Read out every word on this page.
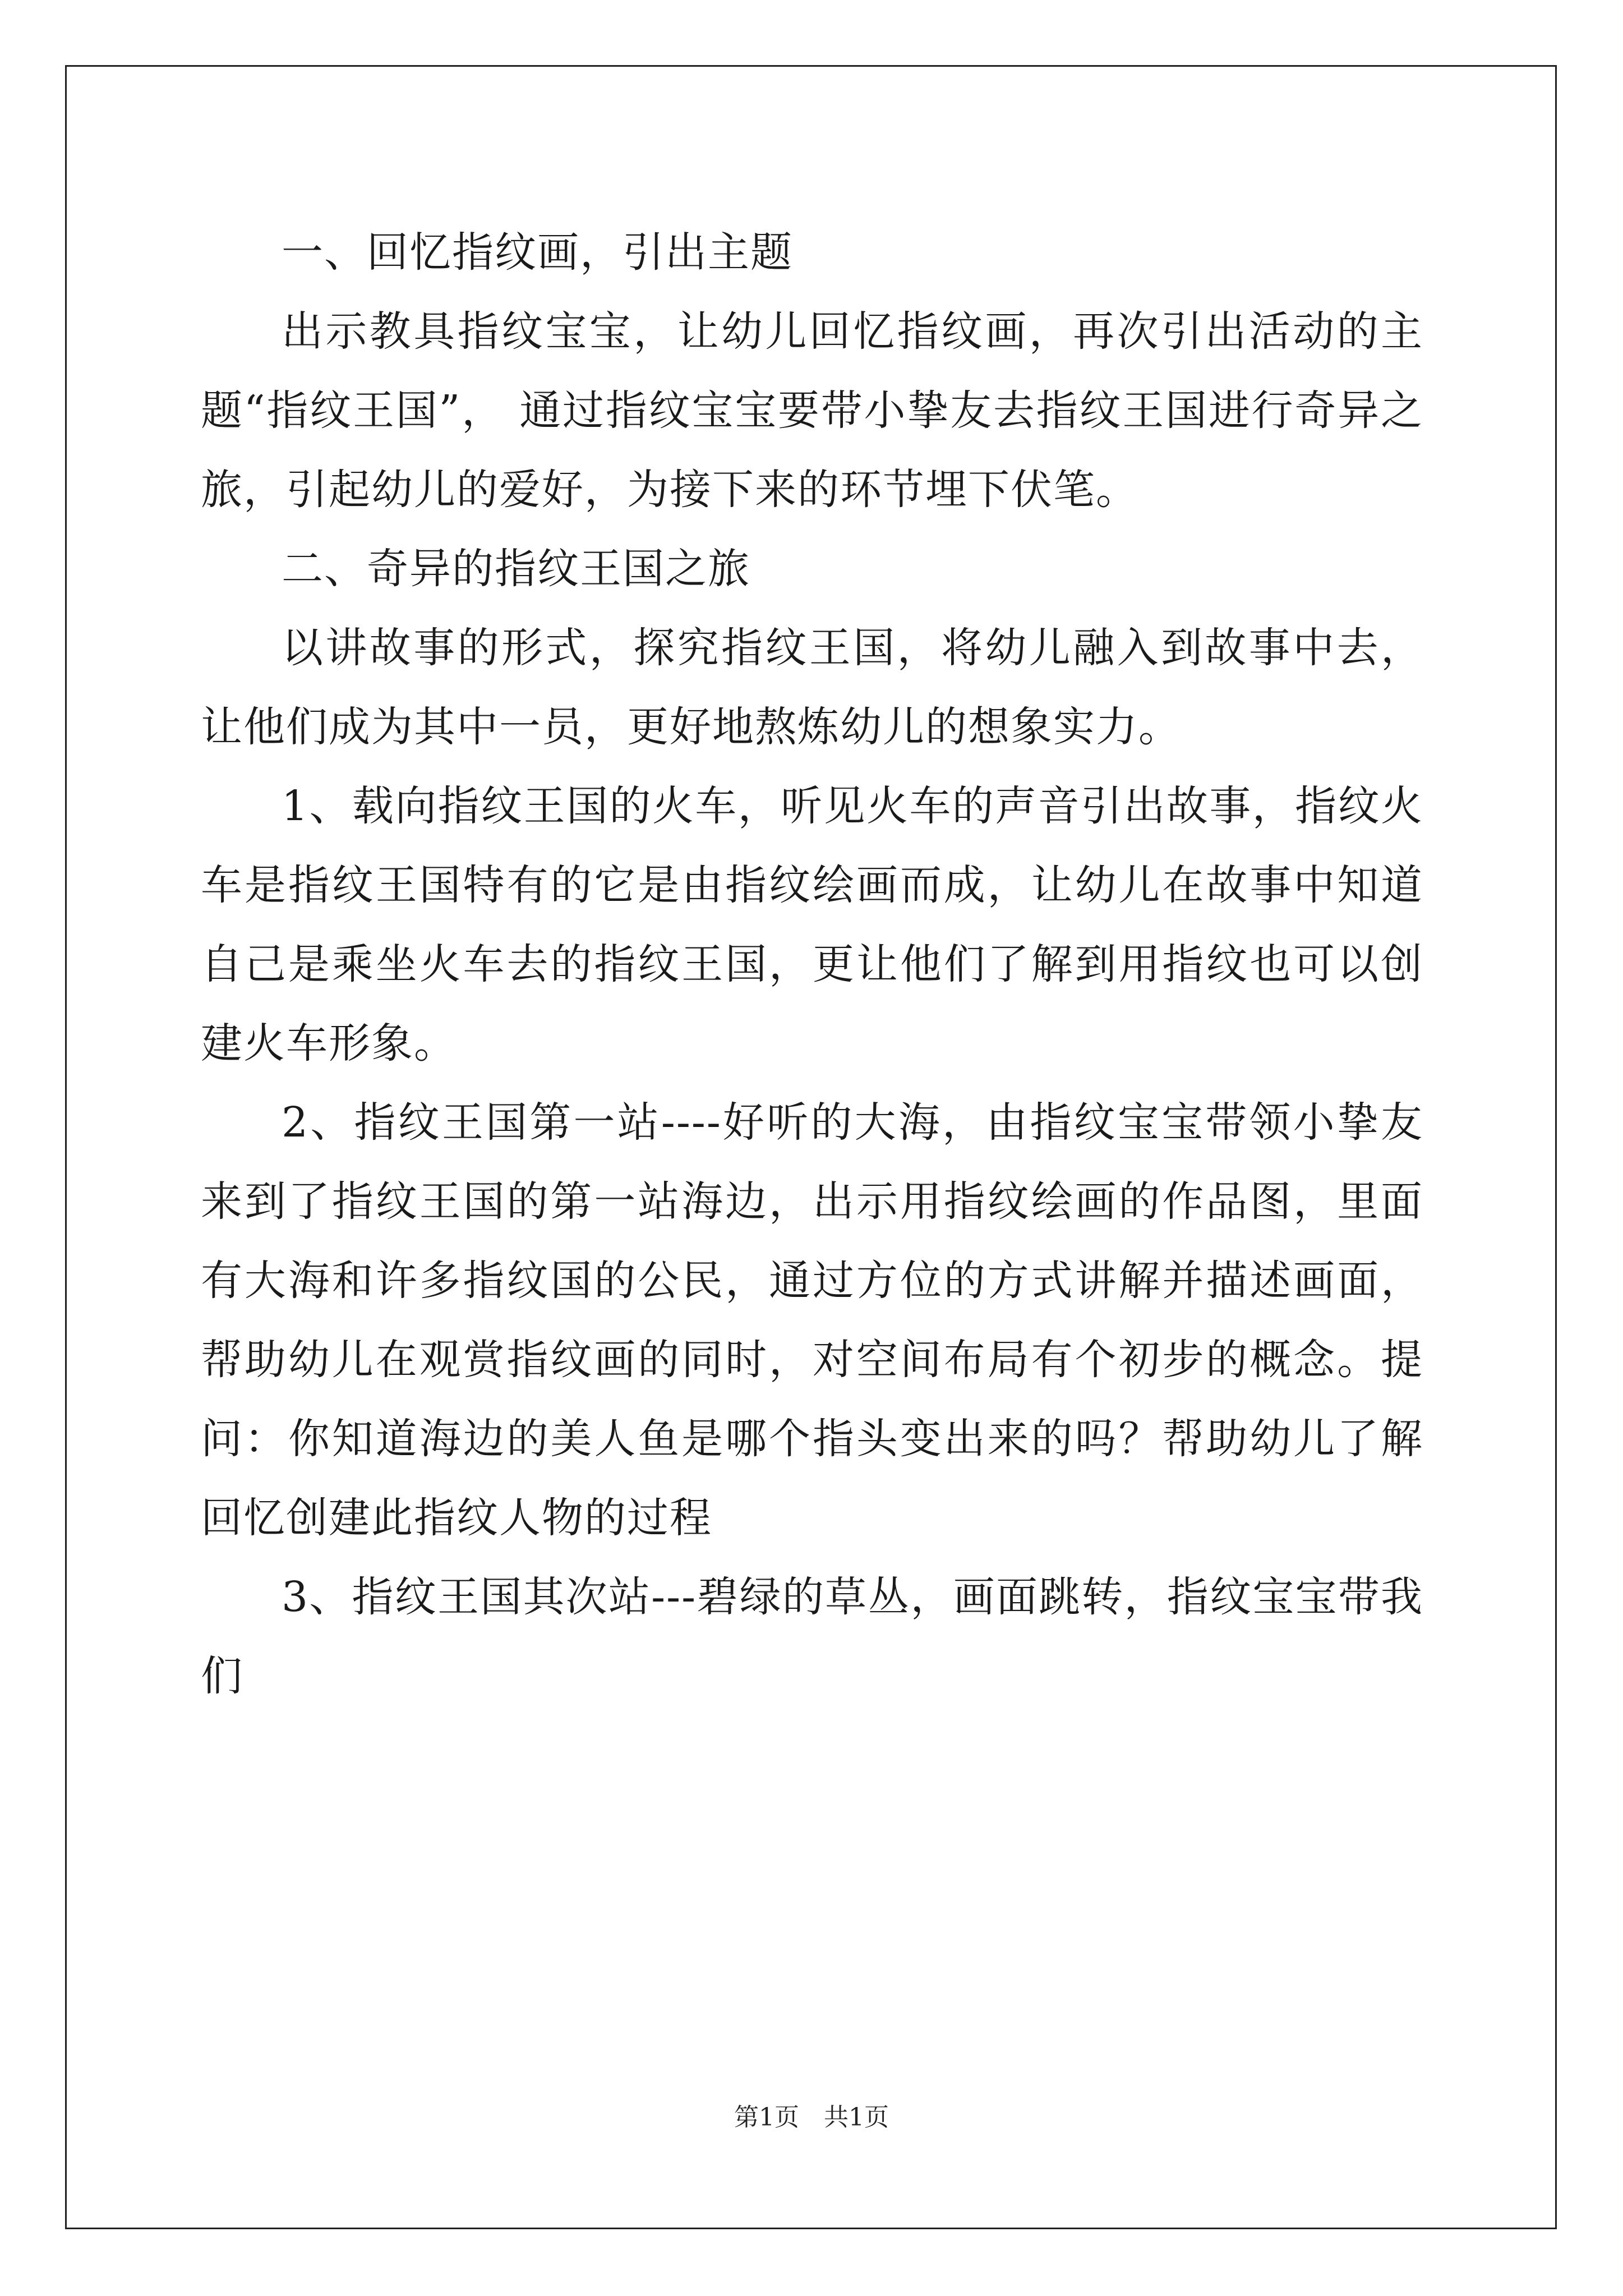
一、回忆指纹画，引出主题

出示教具指纹宝宝，让幼儿回忆指纹画，再次引出活动的主题“指纹王国”， 通过指纹宝宝要带小挚友去指纹王国进行奇异之旅，引起幼儿的爱好，为接下来的环节埋下伏笔。

二、奇异的指纹王国之旅

以讲故事的形式，探究指纹王国，将幼儿融入到故事中去，让他们成为其中一员，更好地熬炼幼儿的想象实力。

1、载向指纹王国的火车，听见火车的声音引出故事，指纹火车是指纹王国特有的它是由指纹绘画而成，让幼儿在故事中知道自己是乘坐火车去的指纹王国，更让他们了解到用指纹也可以创建火车形象。

2、指纹王国第一站----好听的大海，由指纹宝宝带领小挚友来到了指纹王国的第一站海边，出示用指纹绘画的作品图，里面有大海和许多指纹国的公民，通过方位的方式讲解并描述画面，帮助幼儿在观赏指纹画的同时，对空间布局有个初步的概念。提问：你知道海边的美人鱼是哪个指头变出来的吗？帮助幼儿了解回忆创建此指纹人物的过程

3、指纹王国其次站---碧绿的草丛，画面跳转，指纹宝宝带我们

第1页 共1页
